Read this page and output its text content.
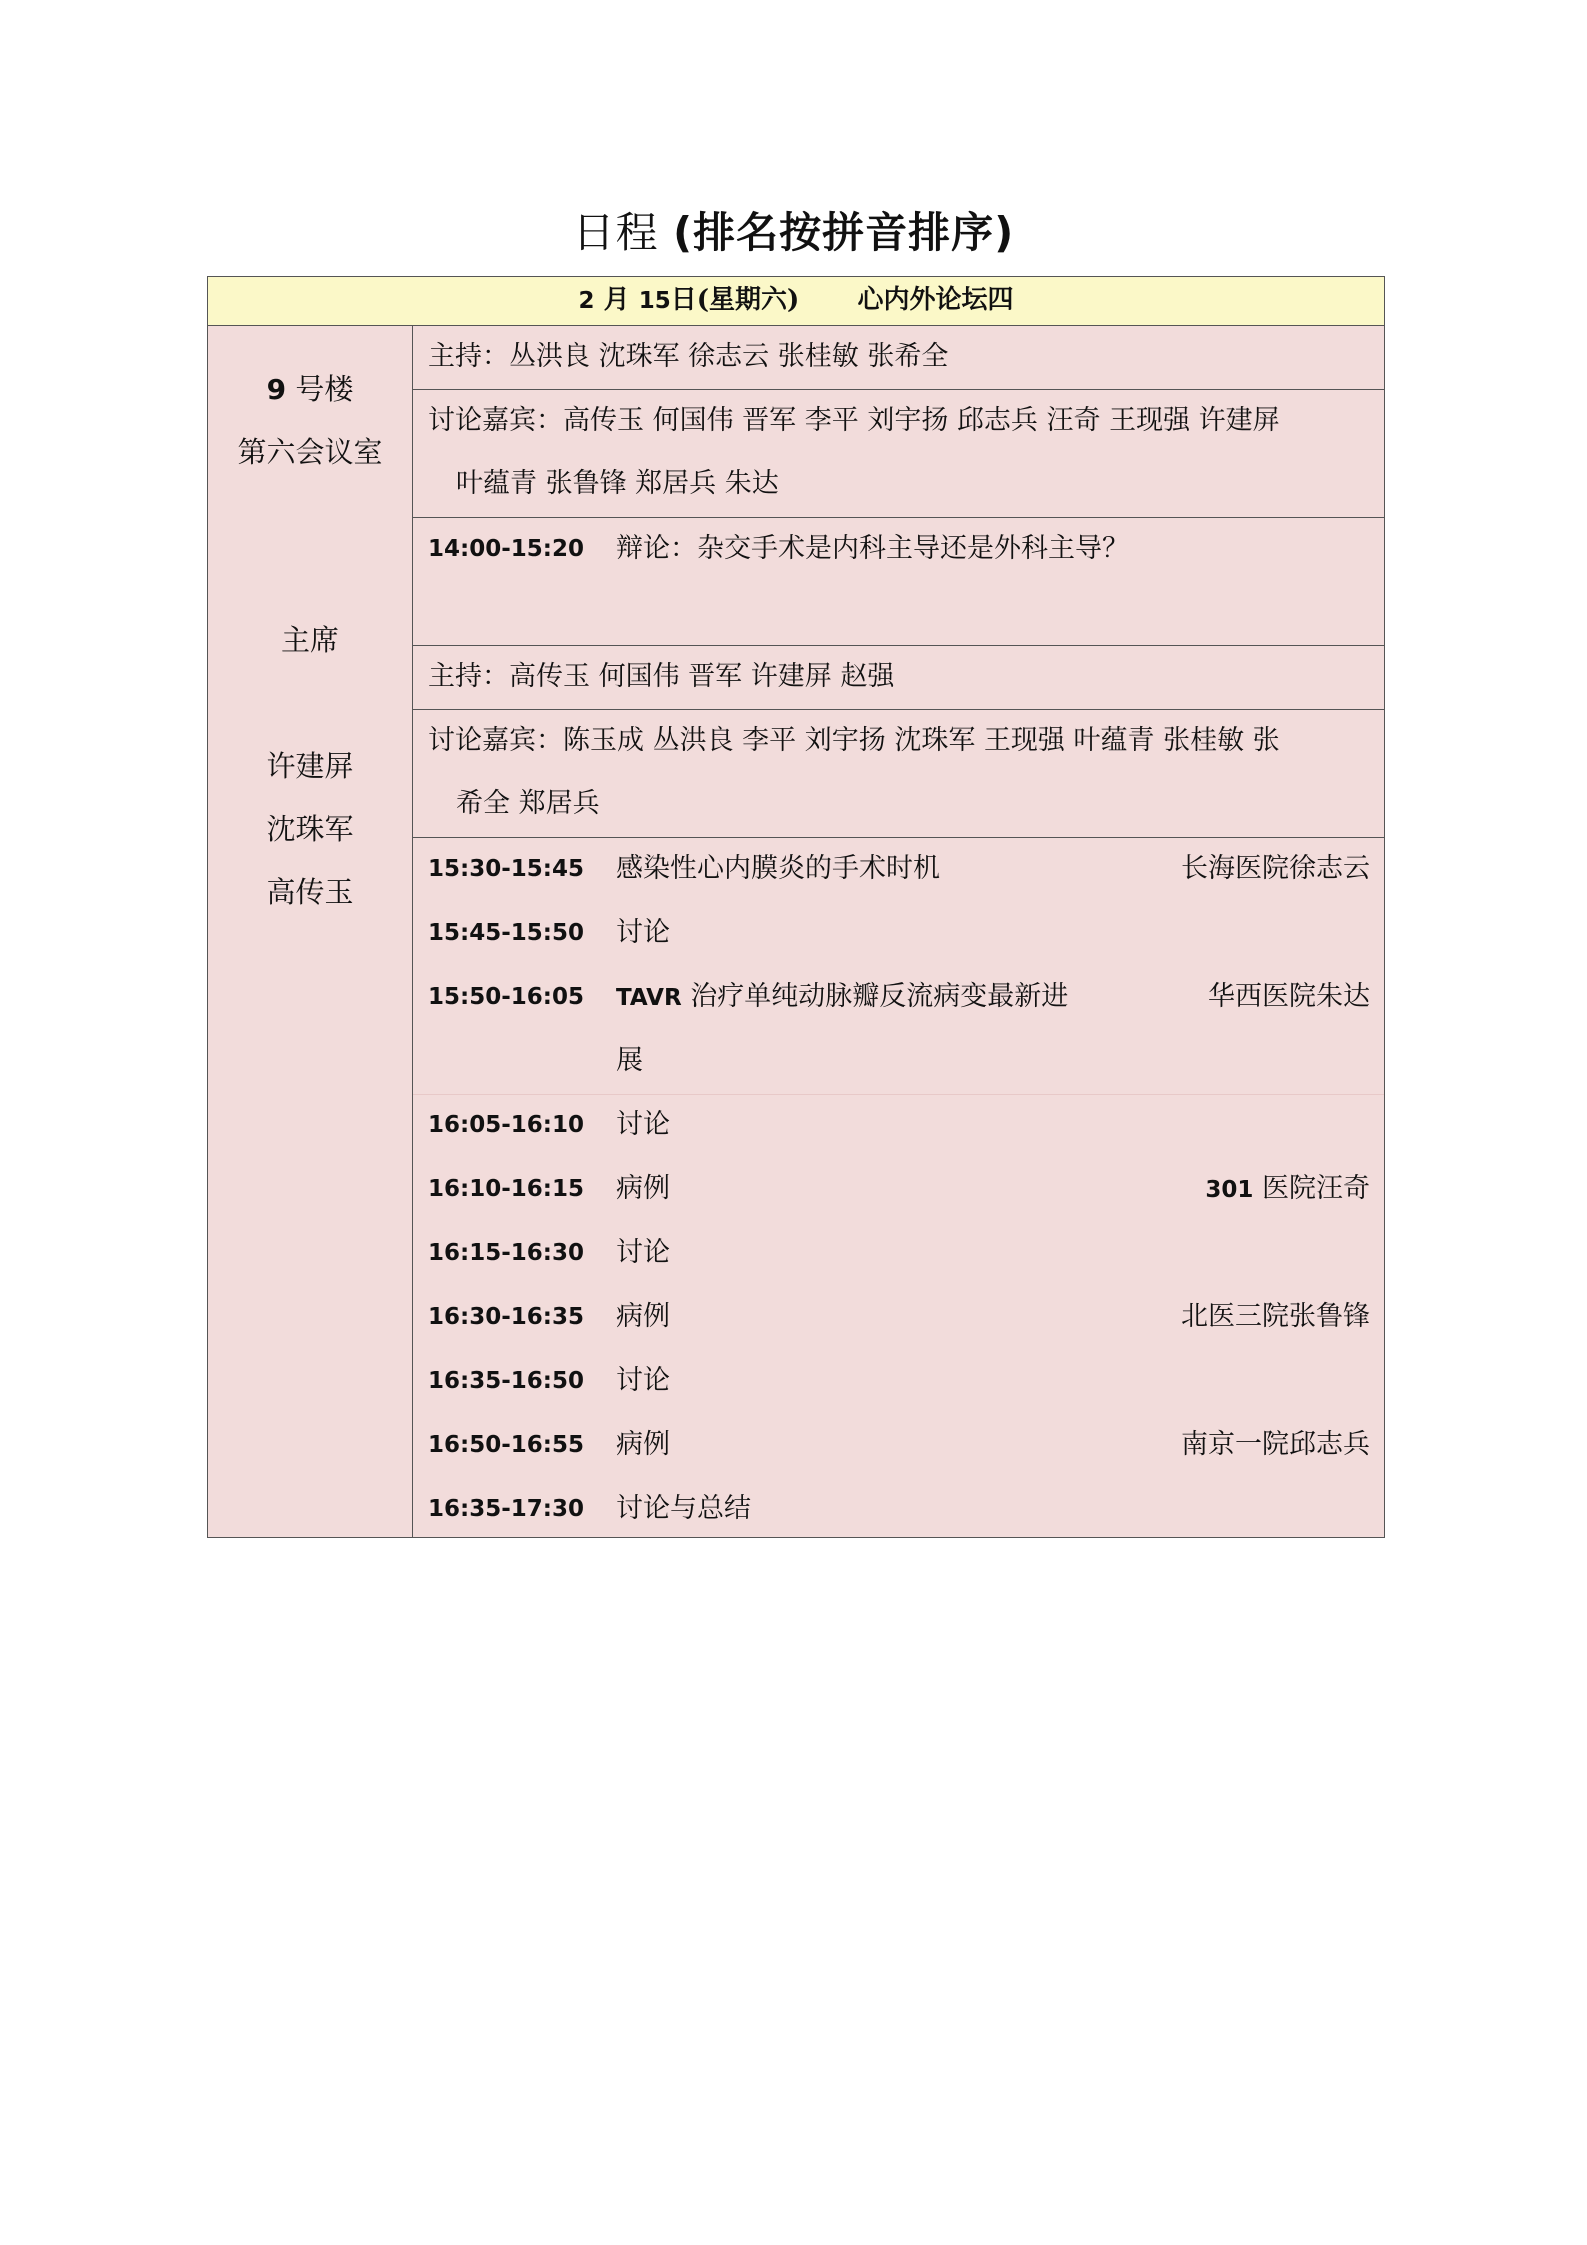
日程 (排名按拼音排序)
2 月 15日(星期六) 心内外论坛四
9 号楼
第六会议室
主席
许建屏
沈珠军
高传玉
主持：丛洪良 沈珠军 徐志云 张桂敏 张希全
讨论嘉宾：高传玉 何国伟 晋军 李平 刘宇扬 邱志兵 汪奇 王现强 许建屏
叶蕴青 张鲁锋 郑居兵 朱达
14:00-15:20 辩论：杂交手术是内科主导还是外科主导？
主持：高传玉 何国伟 晋军 许建屏 赵强
讨论嘉宾：陈玉成 丛洪良 李平 刘宇扬 沈珠军 王现强 叶蕴青 张桂敏 张
希全 郑居兵
15:30-15:45 感染性心内膜炎的手术时机	长海医院徐志云
15:45-15:50 讨论
15:50-16:05 TAVR 治疗单纯动脉瓣反流病变最新进	华西医院朱达
展
16:05-16:10 讨论
16:10-16:15 病例	301 医院汪奇
16:15-16:30 讨论
16:30-16:35 病例	北医三院张鲁锋
16:35-16:50 讨论
16:50-16:55 病例	南京一院邱志兵
16:35-17:30 讨论与总结
